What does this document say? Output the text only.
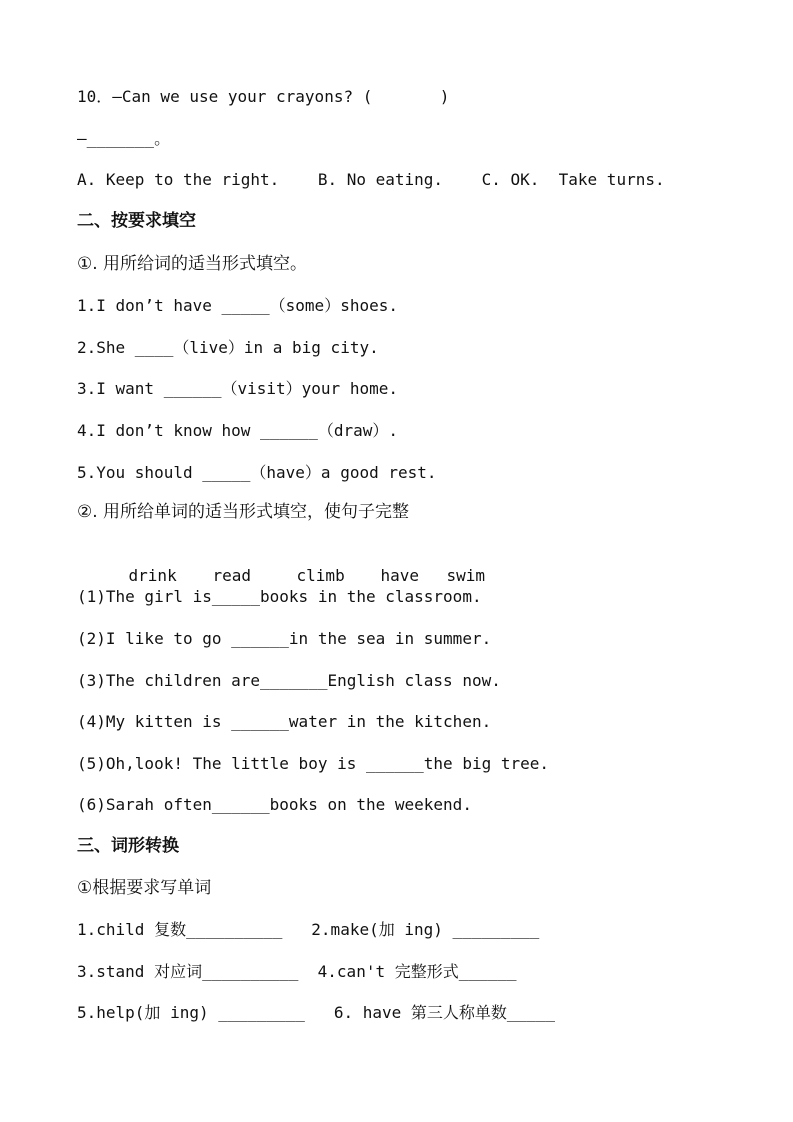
10．—Can we use your crayons? (       )
—_______。
A. Keep to the right.    B. No eating.    C. OK.  Take turns.
二、按要求填空
①. 用所给词的适当形式填空。
1.I don’t have _____（some）shoes.
2.She ____（live）in a big city.
3.I want ______（visit）your home.
4.I don’t know how ______（draw）.
5.You should _____（have）a good rest.
②. 用所给单词的适当形式填空，使句子完整

drink read	climb have swim

(1)The girl is_____books in the classroom.
(2)I like to go ______in the sea in summer.
(3)The children are_______English class now.
(4)My kitten is ______water in the kitchen.
(5)Oh,look! The little boy is ______the big tree.
(6)Sarah often______books on the weekend.
三、词形转换
①根据要求写单词
1.child 复数__________   2.make(加 ing) _________
3.stand 对应词__________  4.can't 完整形式______
5.help(加 ing) _________   6. have 第三人称单数_____
